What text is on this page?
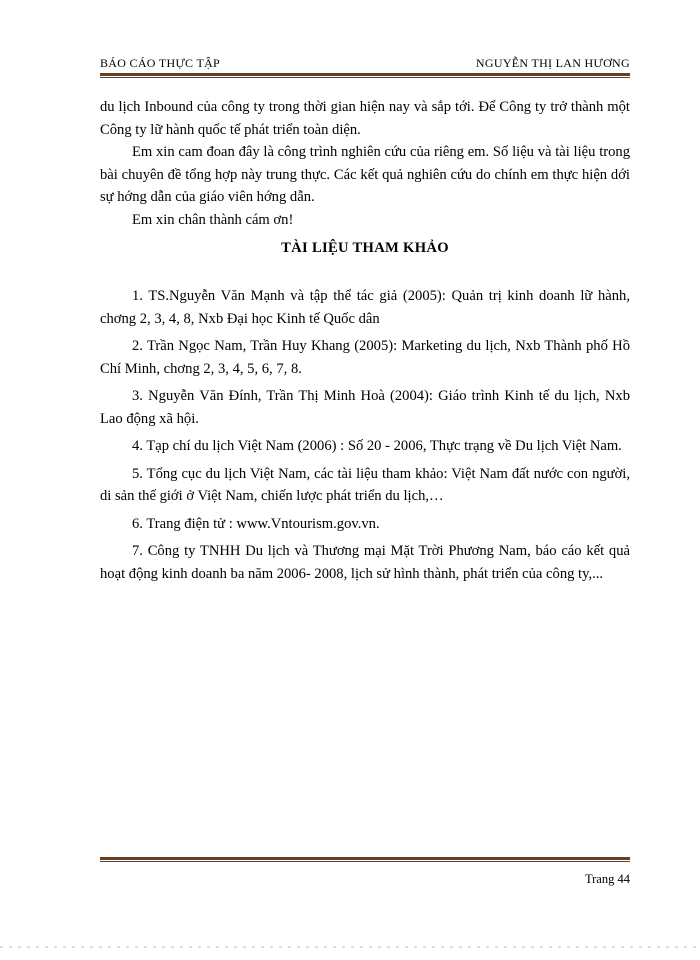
BÁO CÁO THỰC TẬP	NGUYỄN THỊ LAN HƯƠNG

du lịch Inbound của công ty trong thời gian hiện nay và sắp tới. Để Công ty trở thành một Công ty lữ hành quốc tế phát triển toàn diện.

Em xin cam đoan đây là công trình nghiên cứu của riêng em. Số liệu và tài liệu trong bài chuyên đề tổng hợp này trung thực. Các kết quả nghiên cứu do chính em thực hiện dới sự hớng dẫn của giáo viên hớng dẫn.

Em xin chân thành cám ơn!

TÀI LIỆU THAM KHẢO

1. TS.Nguyễn Văn Mạnh và tập thể tác giả (2005): Quản trị kinh doanh lữ hành, chơng 2, 3, 4, 8, Nxb Đại học Kinh tế Quốc dân

2. Trần Ngọc Nam, Trần Huy Khang (2005): Marketing du lịch, Nxb Thành phố Hồ Chí Minh, chơng 2, 3, 4, 5, 6, 7, 8.

3. Nguyễn Văn Đính, Trần Thị Minh Hoà (2004): Giáo trình Kinh tế du lịch, Nxb Lao động xã hội.

4. Tạp chí du lịch Việt Nam (2006) : Số 20 - 2006, Thực trạng về Du lịch Việt Nam.

5. Tổng cục du lịch Việt Nam, các tài liệu tham khảo: Việt Nam đất nước con người, di sản thế giới ở Việt Nam, chiến lược phát triển du lịch,…

6. Trang điện tử : www.Vntourism.gov.vn.

7. Công ty TNHH Du lịch và Thương mại Mặt Trời Phương Nam, báo cáo kết quả hoạt động kinh doanh ba năm 2006- 2008, lịch sử hình thành, phát triển của công ty,...

Trang 44
